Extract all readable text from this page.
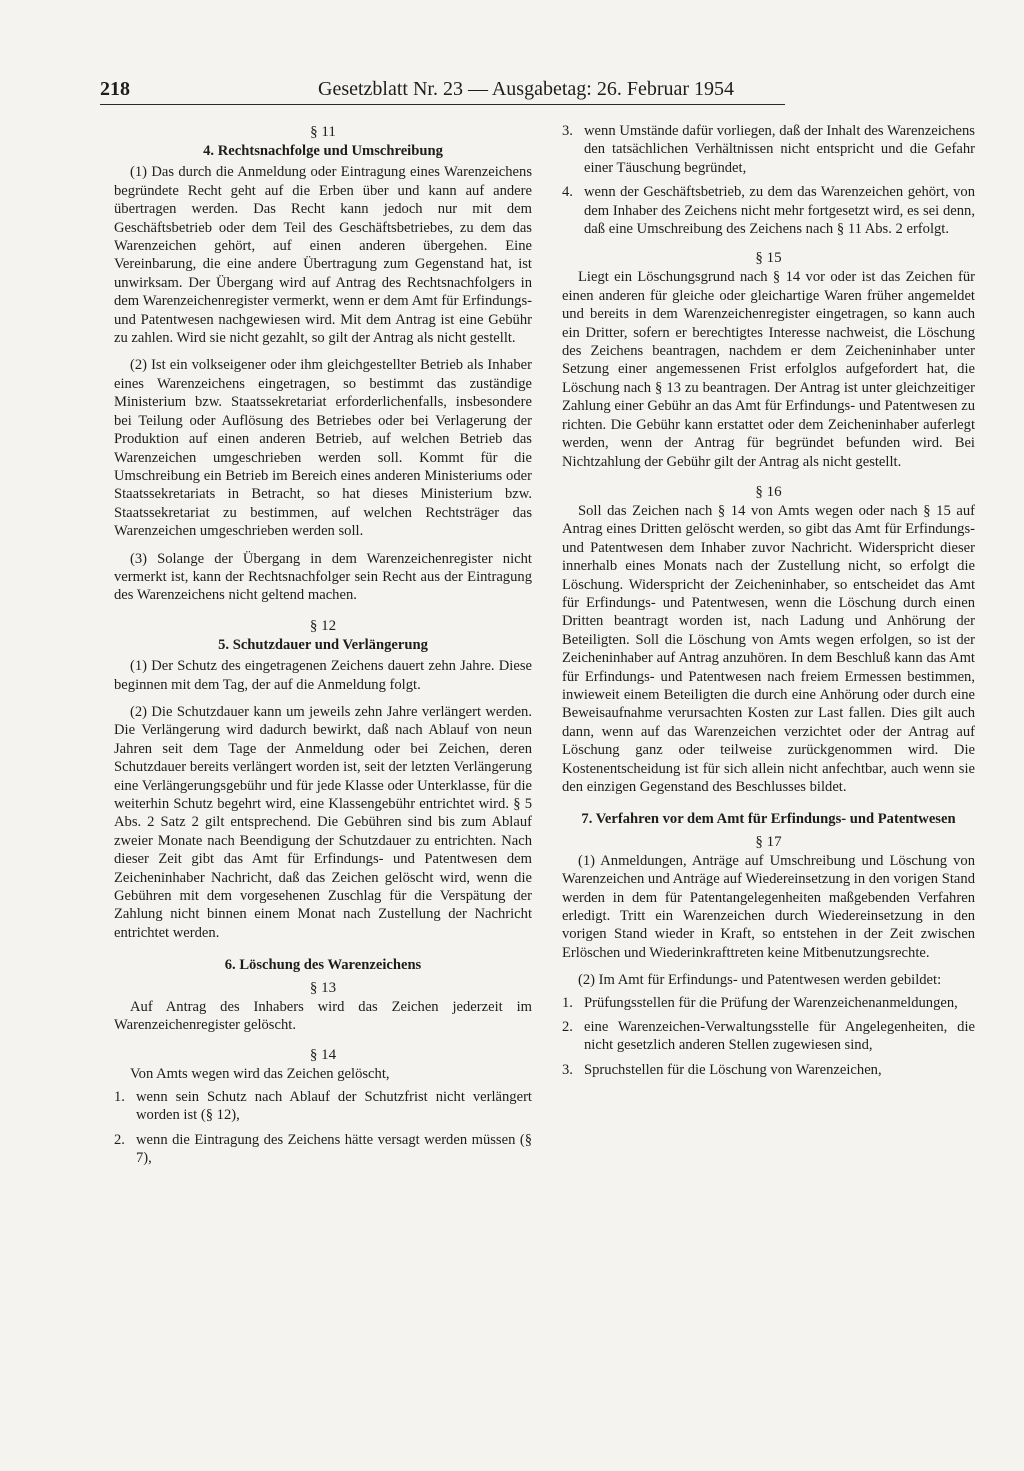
218	Gesetzblatt Nr. 23 — Ausgabetag: 26. Februar 1954

§ 11

4. Rechtsnachfolge und Umschreibung

(1) Das durch die Anmeldung oder Eintragung eines Warenzeichens begründete Recht geht auf die Erben über und kann auf andere übertragen werden. Das Recht kann jedoch nur mit dem Geschäftsbetrieb oder dem Teil des Geschäftsbetriebes, zu dem das Warenzeichen gehört, auf einen anderen übergehen. Eine Vereinbarung, die eine andere Übertragung zum Gegenstand hat, ist unwirksam. Der Übergang wird auf Antrag des Rechtsnachfolgers in dem Warenzeichenregister vermerkt, wenn er dem Amt für Erfindungs- und Patentwesen nachgewiesen wird. Mit dem Antrag ist eine Gebühr zu zahlen. Wird sie nicht gezahlt, so gilt der Antrag als nicht gestellt.

(2) Ist ein volkseigener oder ihm gleichgestellter Betrieb als Inhaber eines Warenzeichens eingetragen, so bestimmt das zuständige Ministerium bzw. Staatssekretariat erforderlichenfalls, insbesondere bei Teilung oder Auflösung des Betriebes oder bei Verlagerung der Produktion auf einen anderen Betrieb, auf welchen Betrieb das Warenzeichen umgeschrieben werden soll. Kommt für die Umschreibung ein Betrieb im Bereich eines anderen Ministeriums oder Staatssekretariats in Betracht, so hat dieses Ministerium bzw. Staatssekretariat zu bestimmen, auf welchen Rechtsträger das Warenzeichen umgeschrieben werden soll.

(3) Solange der Übergang in dem Warenzeichenregister nicht vermerkt ist, kann der Rechtsnachfolger sein Recht aus der Eintragung des Warenzeichens nicht geltend machen.

§ 12

5. Schutzdauer und Verlängerung

(1) Der Schutz des eingetragenen Zeichens dauert zehn Jahre. Diese beginnen mit dem Tag, der auf die Anmeldung folgt.

(2) Die Schutzdauer kann um jeweils zehn Jahre verlängert werden. Die Verlängerung wird dadurch bewirkt, daß nach Ablauf von neun Jahren seit dem Tage der Anmeldung oder bei Zeichen, deren Schutzdauer bereits verlängert worden ist, seit der letzten Verlängerung eine Verlängerungsgebühr und für jede Klasse oder Unterklasse, für die weiterhin Schutz begehrt wird, eine Klassengebühr entrichtet wird. § 5 Abs. 2 Satz 2 gilt entsprechend. Die Gebühren sind bis zum Ablauf zweier Monate nach Beendigung der Schutzdauer zu entrichten. Nach dieser Zeit gibt das Amt für Erfindungs- und Patentwesen dem Zeicheninhaber Nachricht, daß das Zeichen gelöscht wird, wenn die Gebühren mit dem vorgesehenen Zuschlag für die Verspätung der Zahlung nicht binnen einem Monat nach Zustellung der Nachricht entrichtet werden.

6. Löschung des Warenzeichens

§ 13

Auf Antrag des Inhabers wird das Zeichen jederzeit im Warenzeichenregister gelöscht.

§ 14

Von Amts wegen wird das Zeichen gelöscht,

1. wenn sein Schutz nach Ablauf der Schutzfrist nicht verlängert worden ist (§ 12),
2. wenn die Eintragung des Zeichens hätte versagt werden müssen (§ 7),
3. wenn Umstände dafür vorliegen, daß der Inhalt des Warenzeichens den tatsächlichen Verhältnissen nicht entspricht und die Gefahr einer Täuschung begründet,
4. wenn der Geschäftsbetrieb, zu dem das Warenzeichen gehört, von dem Inhaber des Zeichens nicht mehr fortgesetzt wird, es sei denn, daß eine Umschreibung des Zeichens nach § 11 Abs. 2 erfolgt.

§ 15

Liegt ein Löschungsgrund nach § 14 vor oder ist das Zeichen für einen anderen für gleiche oder gleichartige Waren früher angemeldet und bereits in dem Warenzeichenregister eingetragen, so kann auch ein Dritter, sofern er berechtigtes Interesse nachweist, die Löschung des Zeichens beantragen, nachdem er dem Zeicheninhaber unter Setzung einer angemessenen Frist erfolglos aufgefordert hat, die Löschung nach § 13 zu beantragen. Der Antrag ist unter gleichzeitiger Zahlung einer Gebühr an das Amt für Erfindungs- und Patentwesen zu richten. Die Gebühr kann erstattet oder dem Zeicheninhaber auferlegt werden, wenn der Antrag für begründet befunden wird. Bei Nichtzahlung der Gebühr gilt der Antrag als nicht gestellt.

§ 16

Soll das Zeichen nach § 14 von Amts wegen oder nach § 15 auf Antrag eines Dritten gelöscht werden, so gibt das Amt für Erfindungs- und Patentwesen dem Inhaber zuvor Nachricht. Widerspricht dieser innerhalb eines Monats nach der Zustellung nicht, so erfolgt die Löschung. Widerspricht der Zeicheninhaber, so entscheidet das Amt für Erfindungs- und Patentwesen, wenn die Löschung durch einen Dritten beantragt worden ist, nach Ladung und Anhörung der Beteiligten. Soll die Löschung von Amts wegen erfolgen, so ist der Zeicheninhaber auf Antrag anzuhören. In dem Beschluß kann das Amt für Erfindungs- und Patentwesen nach freiem Ermessen bestimmen, inwieweit einem Beteiligten die durch eine Anhörung oder durch eine Beweisaufnahme verursachten Kosten zur Last fallen. Dies gilt auch dann, wenn auf das Warenzeichen verzichtet oder der Antrag auf Löschung ganz oder teilweise zurückgenommen wird. Die Kostenentscheidung ist für sich allein nicht anfechtbar, auch wenn sie den einzigen Gegenstand des Beschlusses bildet.

7. Verfahren vor dem Amt für Erfindungs- und Patentwesen

§ 17

(1) Anmeldungen, Anträge auf Umschreibung und Löschung von Warenzeichen und Anträge auf Wiedereinsetzung in den vorigen Stand werden in dem für Patentangelegenheiten maßgebenden Verfahren erledigt. Tritt ein Warenzeichen durch Wiedereinsetzung in den vorigen Stand wieder in Kraft, so entstehen in der Zeit zwischen Erlöschen und Wiederinkrafttreten keine Mitbenutzungsrechte.

(2) Im Amt für Erfindungs- und Patentwesen werden gebildet:

1. Prüfungsstellen für die Prüfung der Warenzeichenanmeldungen,
2. eine Warenzeichen-Verwaltungsstelle für Angelegenheiten, die nicht gesetzlich anderen Stellen zugewiesen sind,
3. Spruchstellen für die Löschung von Warenzeichen,
